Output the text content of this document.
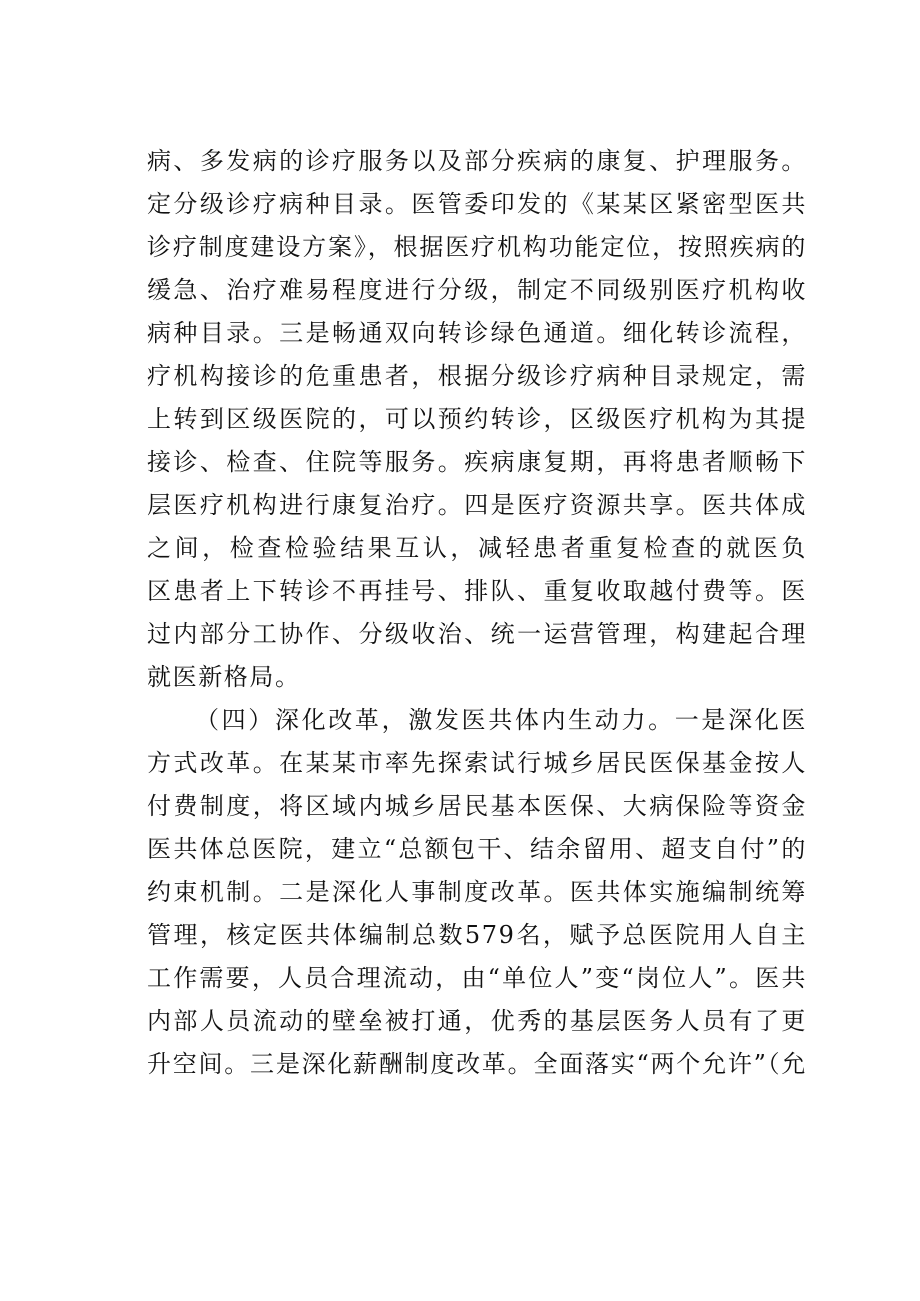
病、多发病的诊疗服务以及部分疾病的康复、护理服务。
定分级诊疗病种目录。医管委印发的《某某区紧密型医共
诊疗制度建设方案》，根据医疗机构功能定位，按照疾病的
缓急、治疗难易程度进行分级，制定不同级别医疗机构收
病种目录。三是畅通双向转诊绿色通道。细化转诊流程，
疗机构接诊的危重患者，根据分级诊疗病种目录规定，需
上转到区级医院的，可以预约转诊，区级医疗机构为其提
接诊、检查、住院等服务。疾病康复期，再将患者顺畅下
层医疗机构进行康复治疗。四是医疗资源共享。医共体成
之间，检查检验结果互认，减轻患者重复检查的就医负
区患者上下转诊不再挂号、排队、重复收取越付费等。医
过内部分工协作、分级收治、统一运营管理，构建起合理
就医新格局。
（四）深化改革，激发医共体内生动力。一是深化医
方式改革。在某某市率先探索试行城乡居民医保基金按人
付费制度，将区域内城乡居民基本医保、大病保险等资金
医共体总医院，建立“总额包干、结余留用、超支自付”的
约束机制。二是深化人事制度改革。医共体实施编制统筹
管理，核定医共体编制总数579名，赋予总医院用人自主
工作需要，人员合理流动，由“单位人”变“岗位人”。医共
内部人员流动的壁垒被打通，优秀的基层医务人员有了更
升空间。三是深化薪酬制度改革。全面落实“两个允许”（允
